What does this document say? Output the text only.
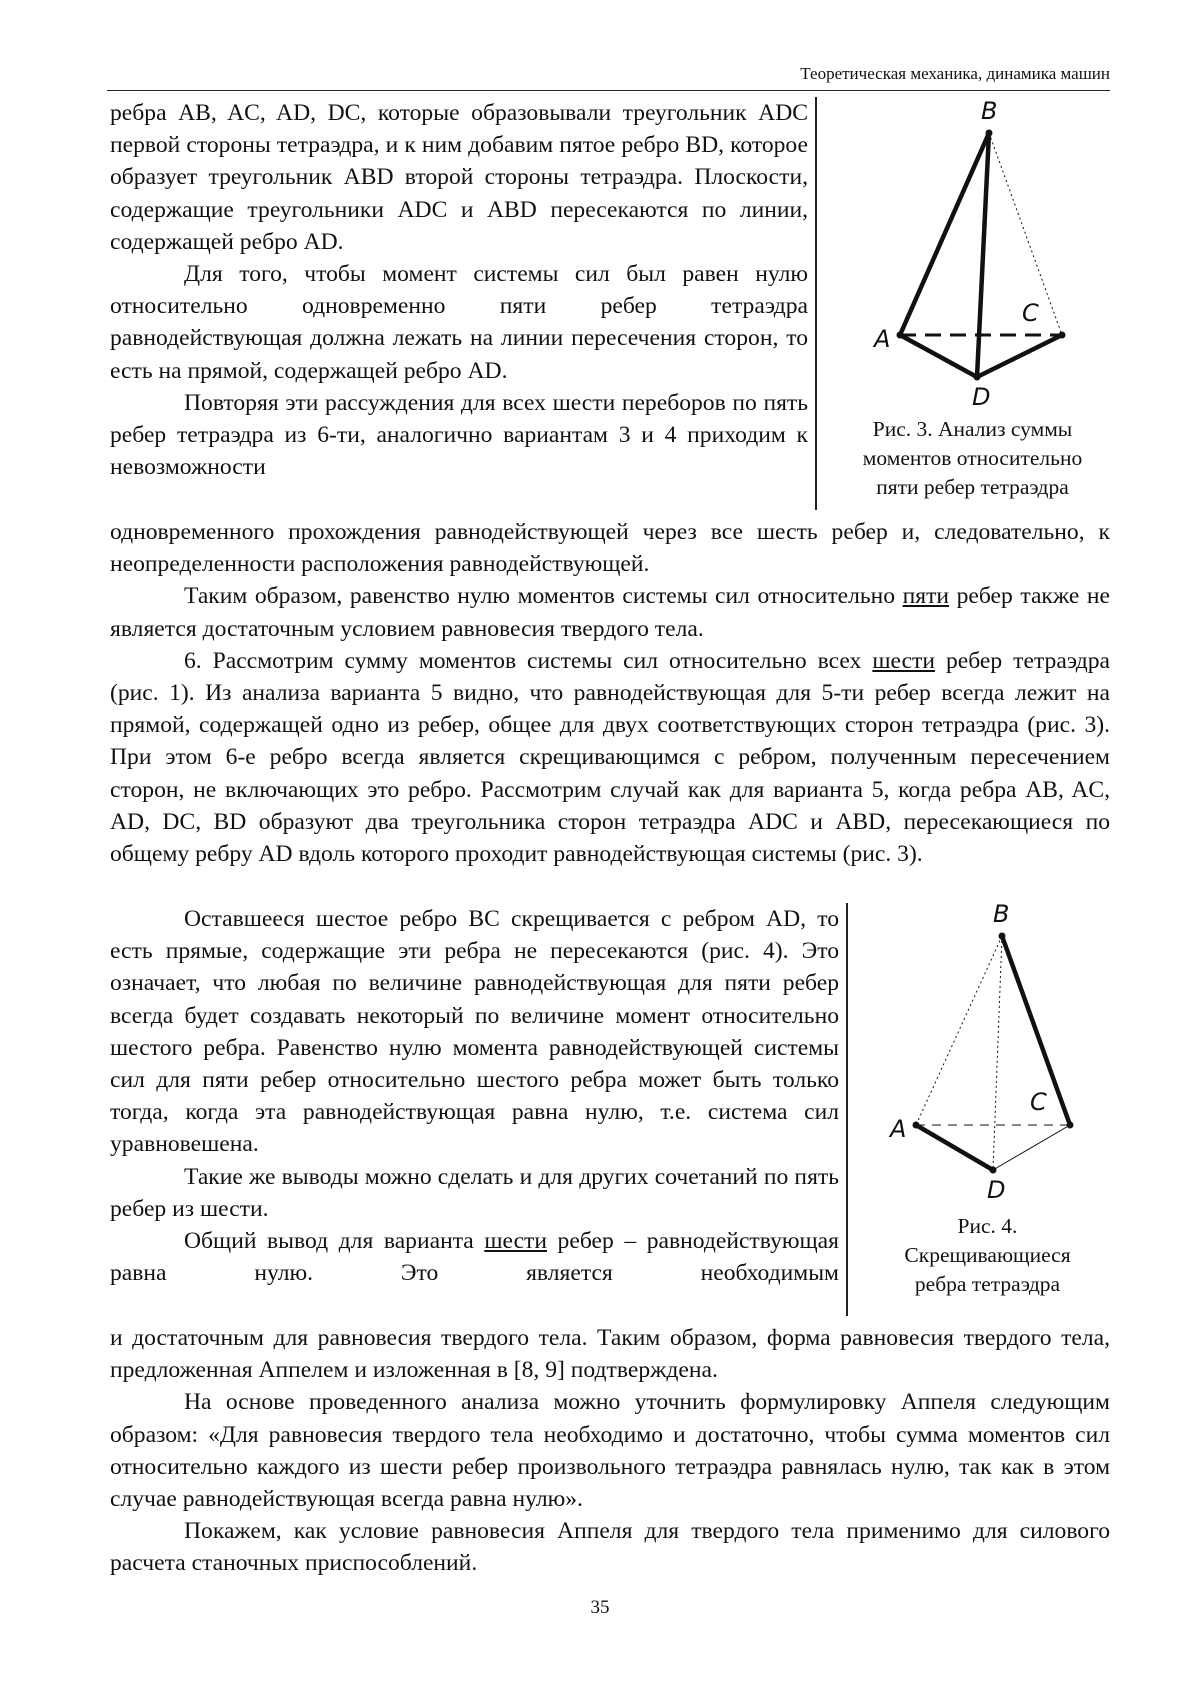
Теоретическая механика, динамика машин

ребра AB, AC, AD, DC, которые образовывали треугольник ADC первой стороны тетраэдра, и к ним добавим пятое ребро BD, которое образует треугольник ABD второй стороны тетраэдра. Плоскости, содержащие треугольники ADC и ABD пересекаются по линии, содержащей ребро AD.

Для того, чтобы момент системы сил был равен нулю относительно одновременно пяти ребер тетраэдра равнодействующая должна лежать на линии пересечения сторон, то есть на прямой, содержащей ребро AD.

Повторяя эти рассуждения для всех шести переборов по пять ребер тетраэдра из 6-ти, аналогично вариантам 3 и 4 приходим к невозможности

B
A
C
D
Рис. 3. Анализ суммы
моментов относительно
пяти ребер тетраэдра

одновременного прохождения равнодействующей через все шесть ребер и, следовательно, к неопределенности расположения равнодействующей.

Таким образом, равенство нулю моментов системы сил относительно пяти ребер также не является достаточным условием равновесия твердого тела.

6. Рассмотрим сумму моментов системы сил относительно всех шести ребер тетраэдра (рис. 1). Из анализа варианта 5 видно, что равнодействующая для 5-ти ребер всегда лежит на прямой, содержащей одно из ребер, общее для двух соответствующих сторон тетраэдра (рис. 3). При этом 6-е ребро всегда является скрещивающимся с ребром, полученным пересечением сторон, не включающих это ребро. Рассмотрим случай как для варианта 5, когда ребра AB, AC, AD, DC, BD образуют два треугольника сторон тетраэдра ADC и ABD, пересекающиеся по общему ребру AD вдоль которого проходит равнодействующая системы (рис. 3).

Оставшееся шестое ребро BC скрещивается с ребром AD, то есть прямые, содержащие эти ребра не пересекаются (рис. 4). Это означает, что любая по величине равнодействующая для пяти ребер всегда будет создавать некоторый по величине момент относительно шестого ребра. Равенство нулю момента равнодействующей системы сил для пяти ребер относительно шестого ребра может быть только тогда, когда эта равнодействующая равна нулю, т.е. система сил уравновешена.

Такие же выводы можно сделать и для других сочетаний по пять ребер из шести.

Общий вывод для варианта шести ребер – равнодействующая равна нулю. Это является необходимым

B
A
C
D
Рис. 4.
Скрещивающиеся
ребра тетраэдра

и достаточным для равновесия твердого тела. Таким образом, форма равновесия твердого тела, предложенная Аппелем и изложенная в [8, 9] подтверждена.

На основе проведенного анализа можно уточнить формулировку Аппеля следующим образом: «Для равновесия твердого тела необходимо и достаточно, чтобы сумма моментов сил относительно каждого из шести ребер произвольного тетраэдра равнялась нулю, так как в этом случае равнодействующая всегда равна нулю».

Покажем, как условие равновесия Аппеля для твердого тела применимо для силового расчета станочных приспособлений.

35
